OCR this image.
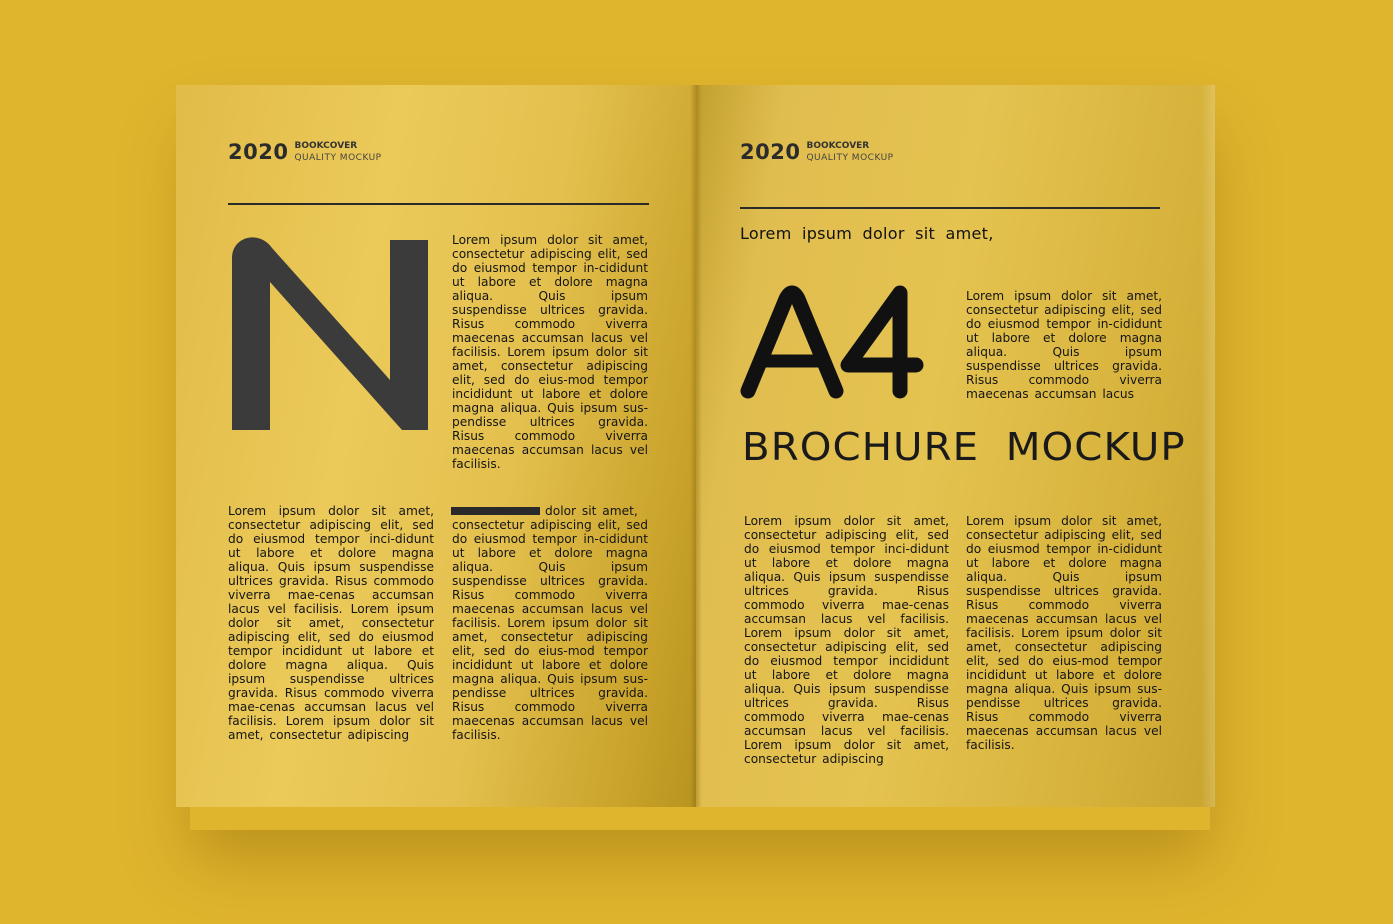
2020 BOOKCOVER
QUALITY MOCKUP
Lorem ipsum dolor sit amet, consectetur adipiscing elit, sed do eiusmod tempor in-cididunt ut labore et dolore magna aliqua. Quis ipsum suspendisse ultrices gravida. Risus commodo viverra maecenas accumsan lacus vel facilisis. Lorem ipsum dolor sit amet, consectetur adipiscing elit, sed do eius-mod tempor incididunt ut labore et dolore magna aliqua. Quis ipsum sus-pendisse ultrices gravida. Risus commodo viverra maecenas accumsan lacus vel facilisis.
Lorem ipsum dolor sit amet, consectetur adipiscing elit, sed do eiusmod tempor inci-didunt ut labore et dolore magna aliqua. Quis ipsum suspendisse ultrices gravida. Risus commodo viverra mae-cenas accumsan lacus vel facilisis. Lorem ipsum dolor sit amet, consectetur adipiscing elit, sed do eiusmod tempor incididunt ut labore et dolore magna aliqua. Quis ipsum suspendisse ultrices gravida. Risus commodo viverra mae-cenas accumsan lacus vel facilisis. Lorem ipsum dolor sit amet, consectetur adipiscing
dolor sit amet,
consectetur adipiscing elit, sed do eiusmod tempor in-cididunt ut labore et dolore magna aliqua. Quis ipsum suspendisse ultrices gravida. Risus commodo viverra maecenas accumsan lacus vel facilisis. Lorem ipsum dolor sit amet, consectetur adipiscing elit, sed do eius-mod tempor incididunt ut labore et dolore magna aliqua. Quis ipsum sus-pendisse ultrices gravida. Risus commodo viverra maecenas accumsan lacus vel facilisis.
2020 BOOKCOVER
QUALITY MOCKUP
Lorem ipsum dolor sit amet,
BROCHURE MOCKUP
Lorem ipsum dolor sit amet, consectetur adipiscing elit, sed do eiusmod tempor in-cididunt ut labore et dolore magna aliqua. Quis ipsum suspendisse ultrices gravida. Risus commodo viverra maecenas accumsan lacus
Lorem ipsum dolor sit amet, consectetur adipiscing elit, sed do eiusmod tempor inci-didunt ut labore et dolore magna aliqua. Quis ipsum suspendisse ultrices gravida. Risus commodo viverra mae-cenas accumsan lacus vel facilisis. Lorem ipsum dolor sit amet, consectetur adipiscing elit, sed do eiusmod tempor incididunt ut labore et dolore magna aliqua. Quis ipsum suspendisse ultrices gravida. Risus commodo viverra mae-cenas accumsan lacus vel facilisis. Lorem ipsum dolor sit amet, consectetur adipiscing
Lorem ipsum dolor sit amet, consectetur adipiscing elit, sed do eiusmod tempor in-cididunt ut labore et dolore magna aliqua. Quis ipsum suspendisse ultrices gravida. Risus commodo viverra maecenas accumsan lacus vel facilisis. Lorem ipsum dolor sit amet, consectetur adipiscing elit, sed do eius-mod tempor incididunt ut labore et dolore magna aliqua. Quis ipsum sus-pendisse ultrices gravida. Risus commodo viverra maecenas accumsan lacus vel facilisis.
